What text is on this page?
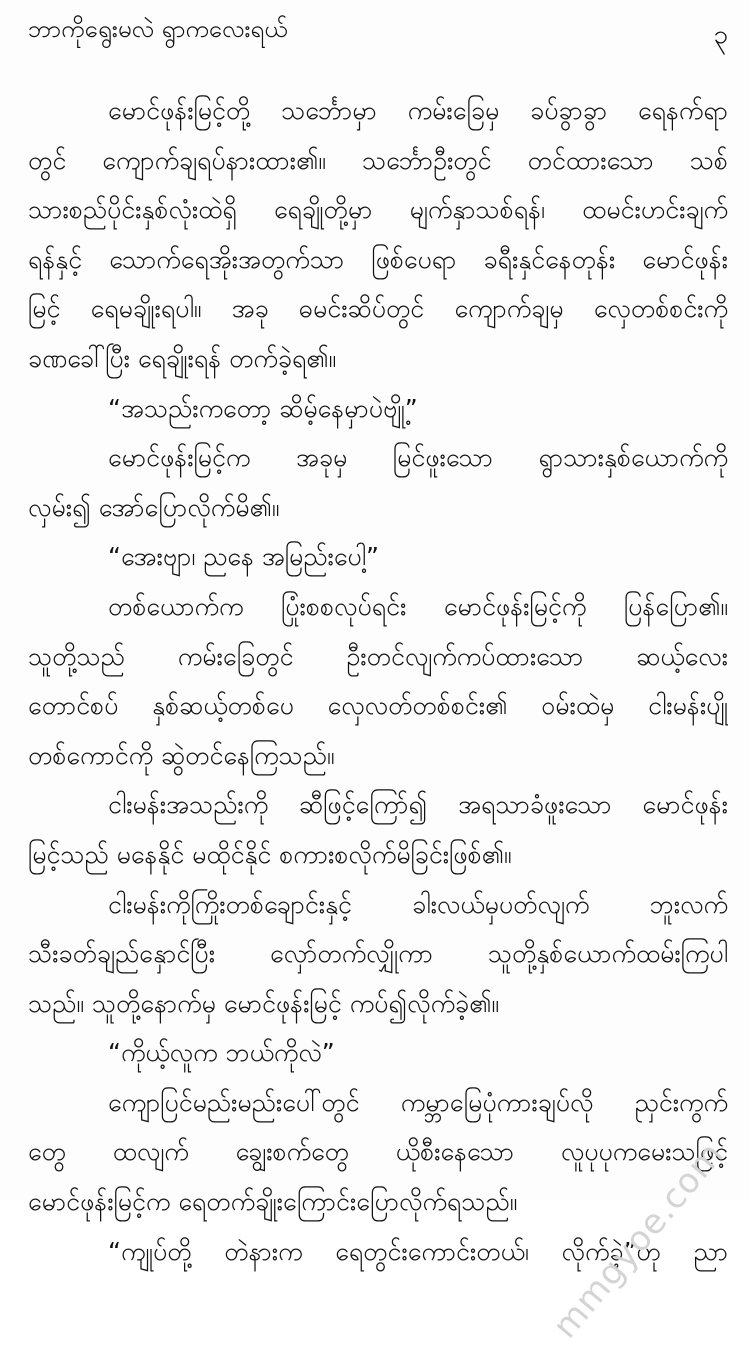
ဘာကိုရွေးမလဲ ရွာကလေးရယ်	၃
မောင်ဖုန်းမြင့်တို့ သင်္ဘောမှာ ကမ်းခြေမှ ခပ်ခွာခွာ ရေနက်ရာ
တွင် ကျောက်ချရပ်နားထား၏။ သင်္ဘောဦးတွင် တင်ထားသော သစ်
သားစည်ပိုင်းနှစ်လုံးထဲရှိ ရေချိုတို့မှာ မျက်နှာသစ်ရန်၊ ထမင်းဟင်းချက်
ရန်နှင့် သောက်ရေအိုးအတွက်သာ ဖြစ်ပေရာ ခရီးနှင်နေတုန်း မောင်ဖုန်း
မြင့် ရေမချိုးရပါ။ အခု ဓမင်းဆိပ်တွင် ကျောက်ချမှ လှေတစ်စင်းကို
ခဏခေါ်ပြီး ရေချိုးရန် တက်ခဲ့ရ၏။
“အသည်းကတော့ ဆိမ့်နေမှာပဲဗျို့”
မောင်ဖုန်းမြင့်က အခုမှ မြင်ဖူးသော ရွာသားနှစ်ယောက်ကို
လှမ်း၍ အော်ပြောလိုက်မိ၏။
“အေးဗျာ၊ ညနေ အမြည်းပေါ့”
တစ်ယောက်က ပြုံးစစလုပ်ရင်း မောင်ဖုန်းမြင့်ကို ပြန်ပြော၏။
သူတို့သည် ကမ်းခြေတွင် ဦးတင်လျက်ကပ်ထားသော ဆယ့်လေး
တောင်စပ် နှစ်ဆယ့်တစ်ပေ လှေလတ်တစ်စင်း၏ ဝမ်းထဲမှ ငါးမန်းပျို
တစ်ကောင်ကို ဆွဲတင်နေကြသည်။
ငါးမန်းအသည်းကို ဆီဖြင့်ကြော်၍ အရသာခံဖူးသော မောင်ဖုန်း
မြင့်သည် မနေနိုင် မထိုင်နိုင် စကားစလိုက်မိခြင်းဖြစ်၏။
ငါးမန်းကိုကြိုးတစ်ချောင်းနှင့် ခါးလယ်မှပတ်လျက် ဘူးလက်
သီးခတ်ချည်နှောင်ပြီး လှော်တက်လျှိုကာ သူတို့နှစ်ယောက်ထမ်းကြပါ
သည်။ သူတို့နောက်မှ မောင်ဖုန်းမြင့် ကပ်၍လိုက်ခဲ့၏။
“ကိုယ့်လူက ဘယ်ကိုလဲ”
ကျောပြင်မည်းမည်းပေါ်တွင် ကမ္ဘာမြေပုံကားချပ်လို ညှင်းကွက်
တွေ ထလျက် ချွေးစက်တွေ ယိုစီးနေသော လူပုပုကမေးသဖြင့်
မောင်ဖုန်းမြင့်က ရေတက်ချိုးကြောင်းပြောလိုက်ရသည်။
“ကျုပ်တို့ တဲနားက ရေတွင်းကောင်းတယ်၊ လိုက်ခဲ့”ဟု ညာ
mmgyoe.com
